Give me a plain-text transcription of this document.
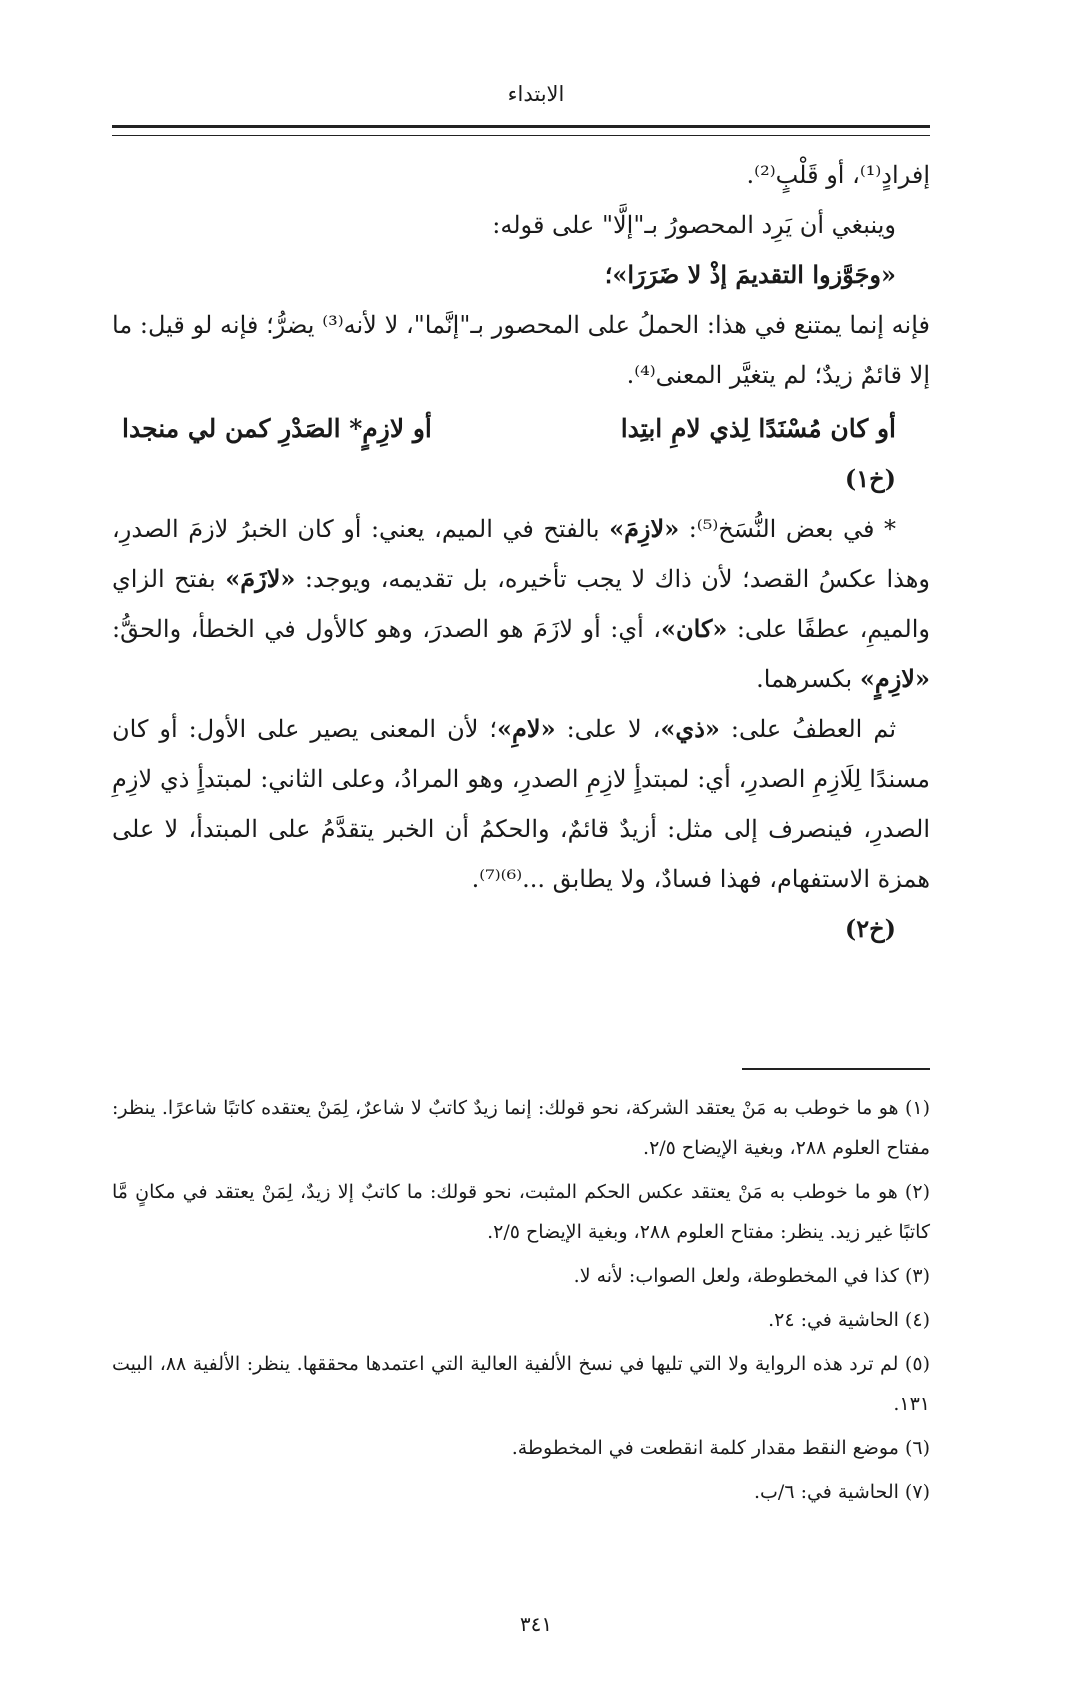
الابتداء

إفرادٍ⁽¹⁾، أو قَلْبٍ⁽²⁾.

وينبغي أن يَرِد المحصورُ بـ"إلَّا" على قوله:

«وجَوَّزوا التقديمَ إذْ لا ضَرَرَا»؛

فإنه إنما يمتنع في هذا: الحملُ على المحصور بـ"إنَّما"، لا لأنه⁽³⁾ يضرُّ؛ فإنه لو قيل: ما إلا قائمٌ زيدٌ؛ لم يتغيَّر المعنى⁽⁴⁾.

أو كان مُسْنَدًا لِذي لامِ ابتِدا
أو لازِمٍ* الصَدْرِ كمن لي منجدا

(خ١)

* في بعض النُّسَخ⁽⁵⁾: «لازِمَ» بالفتح في الميم، يعني: أو كان الخبرُ لازمَ الصدرِ، وهذا عكسُ القصد؛ لأن ذاك لا يجب تأخيره، بل تقديمه، ويوجد: «لازَمَ» بفتح الزاي والميمِ، عطفًا على: «كان»، أي: أو لازَمَ هو الصدرَ، وهو كالأول في الخطأ، والحقُّ: «لازِمٍ» بكسرهما.

ثم العطفُ على: «ذي»، لا على: «لامِ»؛ لأن المعنى يصير على الأول: أو كان مسندًا لِلَازِمِ الصدرِ، أي: لمبتدأٍ لازِمِ الصدرِ، وهو المرادُ، وعلى الثاني: لمبتدأٍ ذي لازِمِ الصدرِ، فينصرف إلى مثل: أزيدٌ قائمٌ، والحكمُ أن الخبر يتقدَّمُ على المبتدأ، لا على همزة الاستفهام، فهذا فسادٌ، ولا يطابق ...⁽⁶⁾⁽⁷⁾.

(خ٢)

(١) هو ما خوطب به مَنْ يعتقد الشركة، نحو قولك: إنما زيدٌ كاتبٌ لا شاعرٌ، لِمَنْ يعتقده كاتبًا شاعرًا. ينظر: مفتاح العلوم ٢٨٨، وبغية الإيضاح ٢/٥.

(٢) هو ما خوطب به مَنْ يعتقد عكس الحكم المثبت، نحو قولك: ما كاتبٌ إلا زيدٌ، لِمَنْ يعتقد في مكانٍ مَّا كاتبًا غير زيد. ينظر: مفتاح العلوم ٢٨٨، وبغية الإيضاح ٢/٥.

(٣) كذا في المخطوطة، ولعل الصواب: لأنه لا.

(٤) الحاشية في: ٢٤.

(٥) لم ترد هذه الرواية ولا التي تليها في نسخ الألفية العالية التي اعتمدها محققها. ينظر: الألفية ٨٨، البيت ١٣١.

(٦) موضع النقط مقدار كلمة انقطعت في المخطوطة.

(٧) الحاشية في: ٦/ب.

٣٤١
